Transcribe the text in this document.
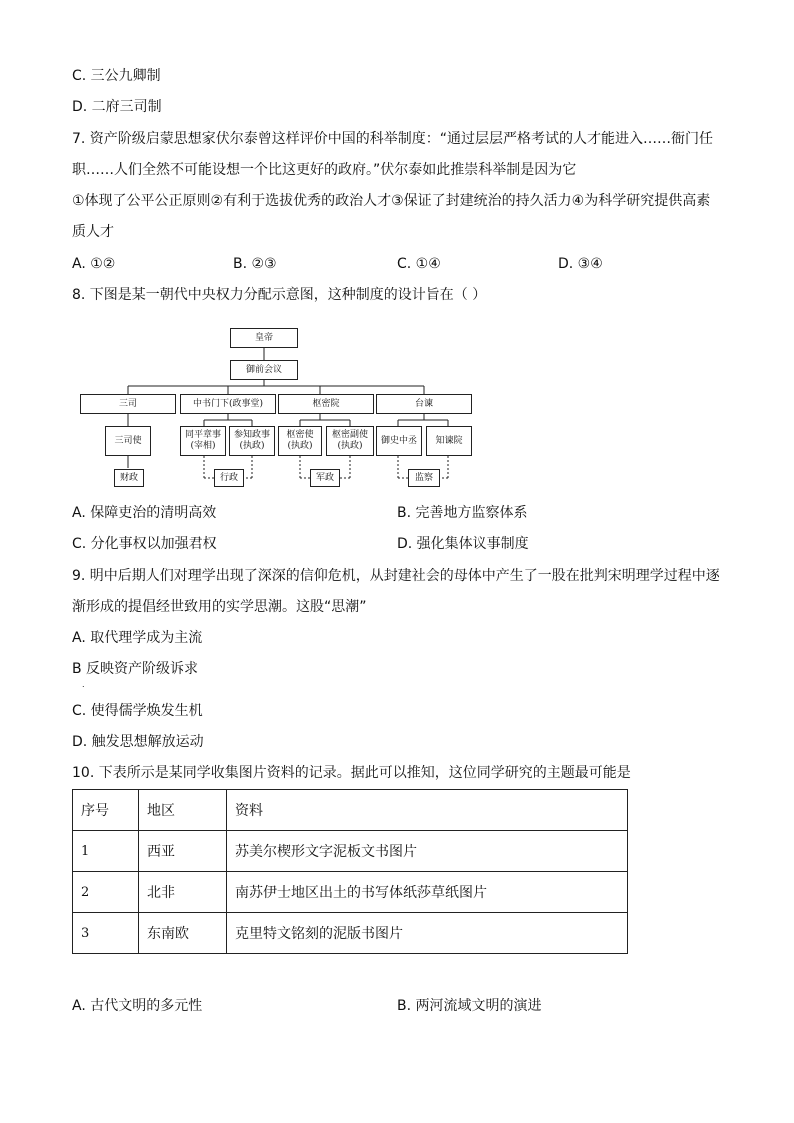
C. 三公九卿制
D. 二府三司制
7. 资产阶级启蒙思想家伏尔泰曾这样评价中国的科举制度：“通过层层严格考试的人才能进入……衙门任
职……人们全然不可能设想一个比这更好的政府。”伏尔泰如此推崇科举制是因为它
①体现了公平公正原则②有利于选拔优秀的政治人才③保证了封建统治的持久活力④为科学研究提供高素
质人才
A. ①②	B. ②③	C. ①④	D. ③④
8. 下图是某一朝代中央权力分配示意图，这种制度的设计旨在（ ）
皇帝
御前会议
三司	中书门下(政事堂)	枢密院	台谏
三司使
同平章事
(宰相)
参知政事
(执政)
枢密使
(执政)
枢密副使
(执政)
御史中丞	知谏院
财政	行政	军政	监察
A. 保障吏治的清明高效	B. 完善地方监察体系
C. 分化事权以加强君权	D. 强化集体议事制度
9. 明中后期人们对理学出现了深深的信仰危机，从封建社会的母体中产生了一股在批判宋明理学过程中逐
渐形成的提倡经世致用的实学思潮。这股“思潮”
A. 取代理学成为主流
B 反映资产阶级诉求
.
C. 使得儒学焕发生机
D. 触发思想解放运动
10. 下表所示是某同学收集图片资料的记录。据此可以推知，这位同学研究的主题最可能是
序号	地区	资料
1	西亚	苏美尔楔形文字泥板文书图片
2	北非	南苏伊士地区出土的书写体纸莎草纸图片
3	东南欧	克里特文铭刻的泥版书图片
A. 古代文明的多元性	B. 两河流域文明的演进
